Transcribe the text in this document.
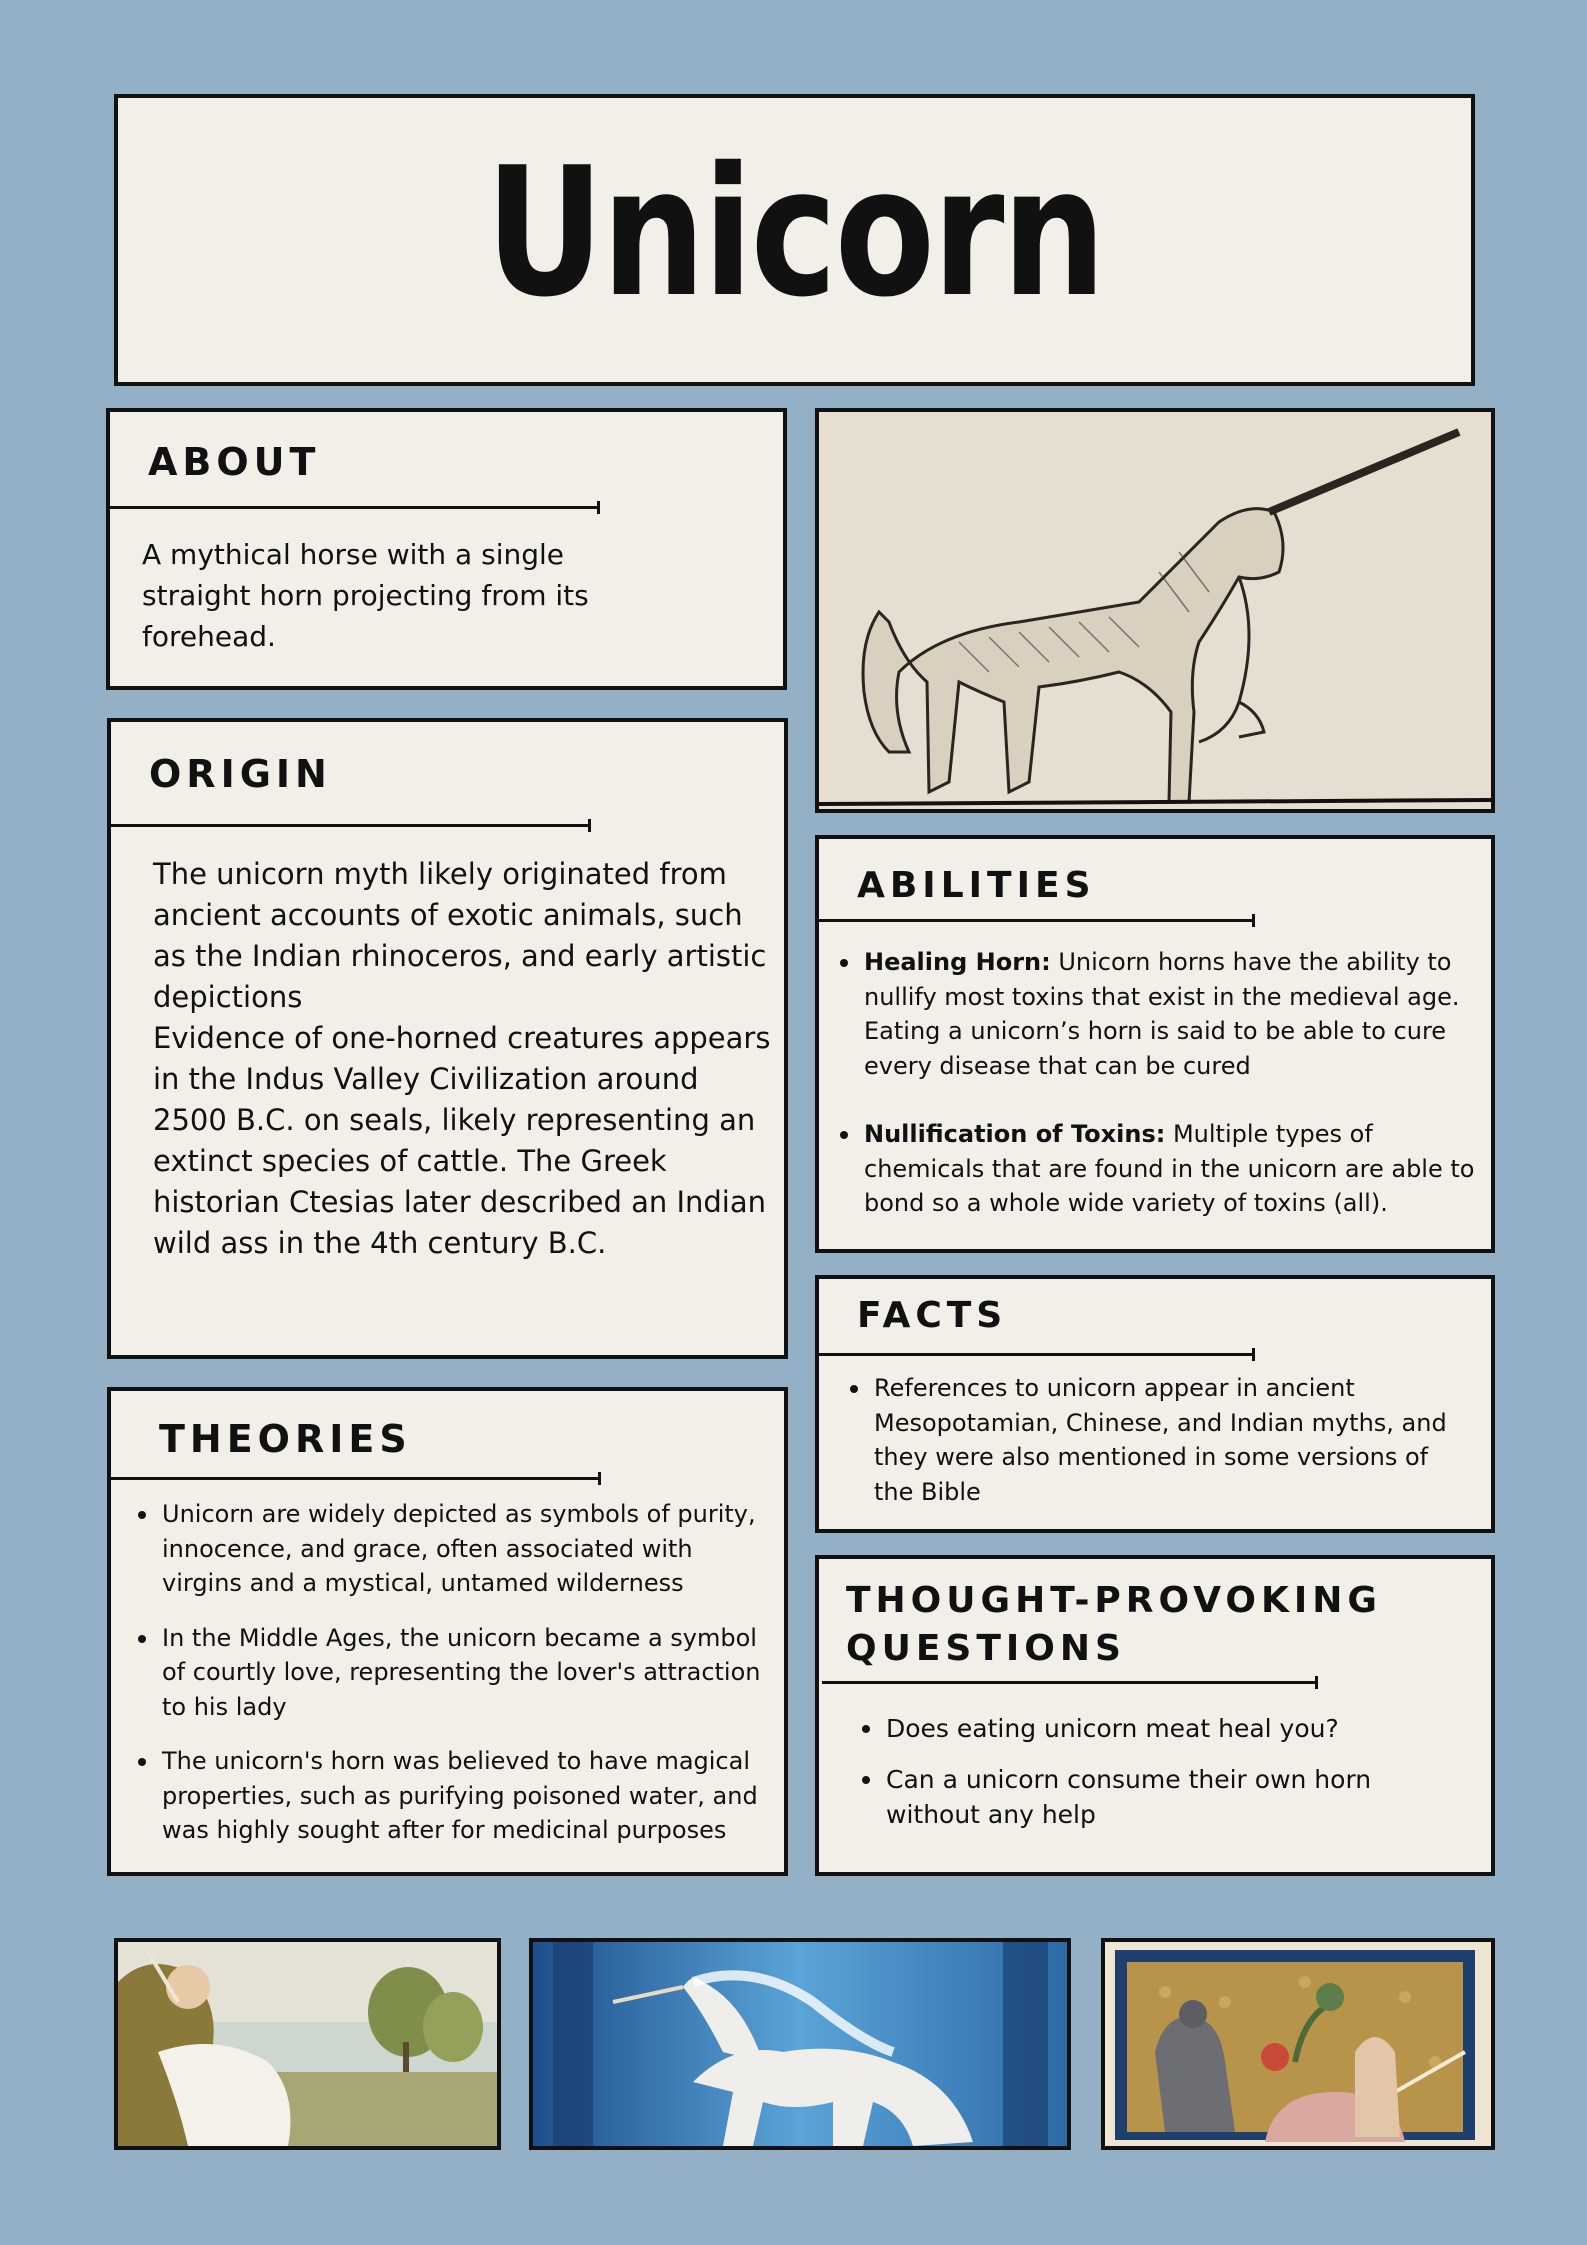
Unicorn
ABOUT
A mythical horse with a single straight horn projecting from its forehead.
ORIGIN

The unicorn myth likely originated from ancient accounts of exotic animals, such as the Indian rhinoceros, and early artistic depictions

Evidence of one-horned creatures appears in the Indus Valley Civilization around 2500 B.C. on seals, likely representing an extinct species of cattle. The Greek historian Ctesias later described an Indian wild ass in the 4th century B.C.

THEORIES
Unicorn are widely depicted as symbols of purity, innocence, and grace, often associated with virgins and a mystical, untamed wilderness
In the Middle Ages, the unicorn became a symbol of courtly love, representing the lover's attraction to his lady
The unicorn's horn was believed to have magical properties, such as purifying poisoned water, and was highly sought after for medicinal purposes
ABILITIES
Healing Horn: Unicorn horns have the ability to nullify most toxins that exist in the medieval age. Eating a unicorn’s horn is said to be able to cure every disease that can be cured
Nullification of Toxins: Multiple types of chemicals that are found in the unicorn are able to bond so a whole wide variety of toxins (all).
FACTS
References to unicorn appear in ancient Mesopotamian, Chinese, and Indian myths, and they were also mentioned in some versions of the Bible
THOUGHT-PROVOKING
QUESTIONS
Does eating unicorn meat heal you?
Can a unicorn consume their own horn without any help
